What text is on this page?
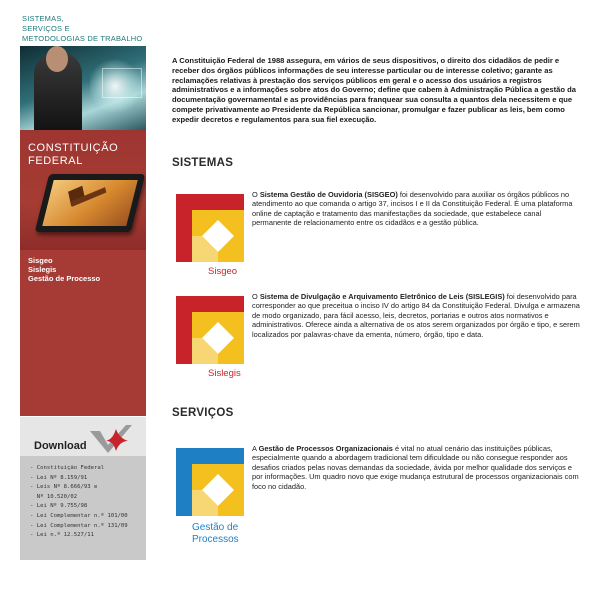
SISTEMAS,
SERVIÇOS E
METODOLOGIAS DE TRABALHO
CONSTITUIÇÃO
FEDERAL
Sisgeo
Sislegis
Gestão de Processo
Download
- Constituição Federal
- Lei Nº 8.159/91
- Leis Nº 8.666/93 e
Nº 10.520/02
- Lei Nº 9.755/98
- Lei Complementar n.º 101/00
- Lei Complementar n.º 131/09
- Lei n.º 12.527/11

A Constituição Federal de 1988 assegura, em vários de seus dispositivos, o direito dos cidadãos de pedir e receber dos órgãos públicos informações de seu interesse particular ou de interesse coletivo; garante as reclamações relativas à prestação dos serviços públicos em geral e o acesso dos usuários a registros administrativos e a informações sobre atos do Governo; define que cabem à Administração Pública a gestão da documentação governamental e as providências para franquear sua consulta a quantos dela necessitem e que compete privativamente ao Presidente da República sancionar, promulgar e fazer publicar as leis, bem como expedir decretos e regulamentos para sua fiel execução.

SISTEMAS
Sisgeo

O Sistema Gestão de Ouvidoria (SISGEO) foi desenvolvido para auxiliar os órgãos públicos no atendimento ao que comanda o artigo 37, incisos I e II da Constituição Federal. É uma plataforma online de captação e tratamento das manifestações da sociedade, que estabelece canal permanente de relacionamento entre os cidadãos e a gestão pública.

Sislegis

O Sistema de Divulgação e Arquivamento Eletrônico de Leis (SISLEGIS) foi desenvolvido para corresponder ao que preceitua o inciso IV do artigo 84 da Constituição Federal. Divulga e armazena de modo organizado, para fácil acesso, leis, decretos, portarias e outros atos normativos e administrativos. Oferece ainda a alternativa de os atos serem organizados por órgão e tipo, e serem localizados por palavras-chave da ementa, número, órgão, tipo e data.

SERVIÇOS
Gestão de
Processos

A Gestão de Processos Organizacionais é vital no atual cenário das instituições públicas, especialmente quando a abordagem tradicional tem dificuldade ou não consegue responder aos desafios criados pelas novas demandas da sociedade, ávida por melhor qualidade dos serviços e por informações. Um quadro novo que exige mudança estrutural de processos organizacionais com foco no cidadão.
